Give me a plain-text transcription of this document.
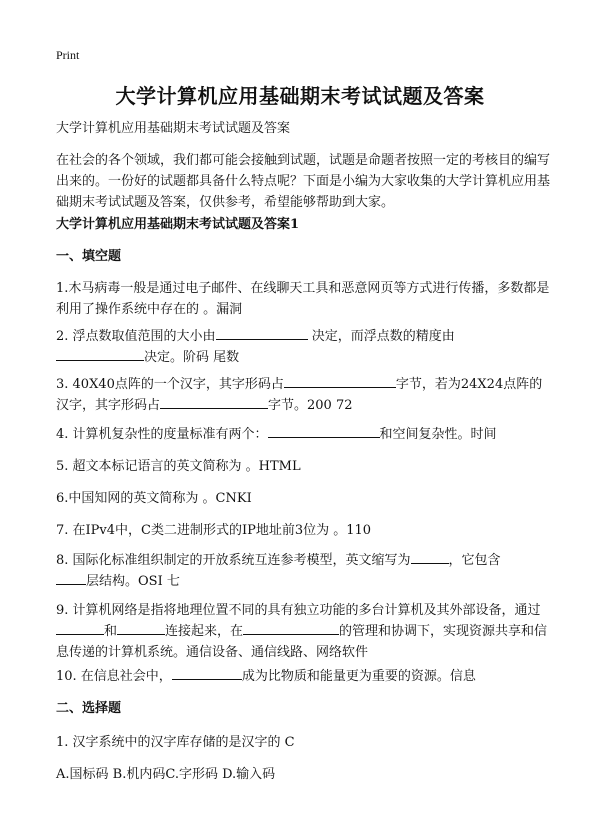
Print
大学计算机应用基础期末考试试题及答案
大学计算机应用基础期末考试试题及答案
在社会的各个领域，我们都可能会接触到试题，试题是命题者按照一定的考核目的编写出来的。一份好的试题都具备什么特点呢？下面是小编为大家收集的大学计算机应用基础期末考试试题及答案，仅供参考，希望能够帮助到大家。
大学计算机应用基础期末考试试题及答案1
一、填空题
1.木马病毒一般是通过电子邮件、在线聊天工具和恶意网页等方式进行传播，多数都是利用了操作系统中存在的 。漏洞
2. 浮点数取值范围的大小由	决定，而浮点数的精度由
决定。阶码 尾数
3. 40X40点阵的一个汉字，其字形码占	字节，若为24X24点阵的汉字，其字形码占	字节。200 72
4. 计算机复杂性的度量标准有两个：	和空间复杂性。时间
5. 超文本标记语言的英文简称为 。HTML
6.中国知网的英文简称为 。CNKI
7. 在IPv4中，C类二进制形式的IP地址前3位为 。110
8. 国际化标准组织制定的开放系统互连参考模型，英文缩写为	，它包含
层结构。OSI 七
9. 计算机网络是指将地理位置不同的具有独立功能的多台计算机及其外部设备，通过和	连接起来，在	的管理和协调下，实现资源共享和信息传递的计算机系统。通信设备、通信线路、网络软件
10. 在信息社会中，	成为比物质和能量更为重要的资源。信息
二、选择题
1. 汉字系统中的汉字库存储的是汉字的 C
A.国标码 B.机内码C.字形码 D.输入码
